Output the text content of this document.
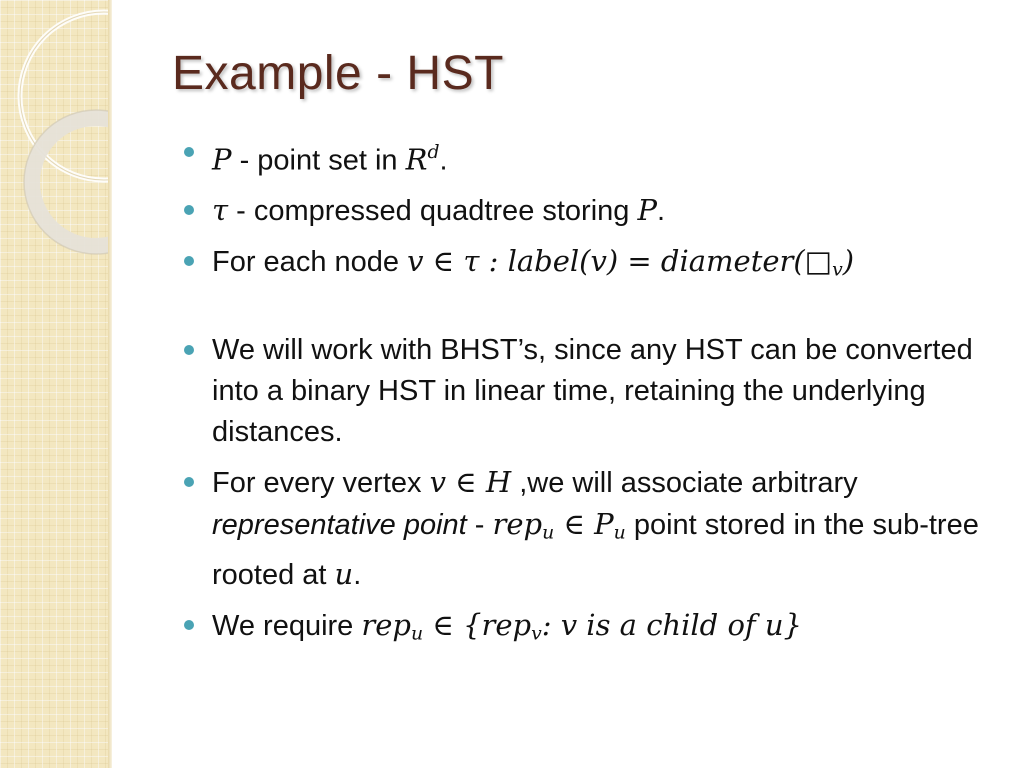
Example - HST
P - point set in $R^d$.
τ - compressed quadtree storing P.
For each node v ∈ τ : label(v) = $diameter(□_v)$
We will work with BHST’s, since any HST can be converted into a binary HST in linear time, retaining the underlying distances.
For every vertex v ∈ H ,we will associate arbitrary representative point - rep$_u$ ∈ $P_u$ point stored in the sub-tree rooted at u.
We require rep$_u$ ∈ {rep$_v$: v is a child of u}
